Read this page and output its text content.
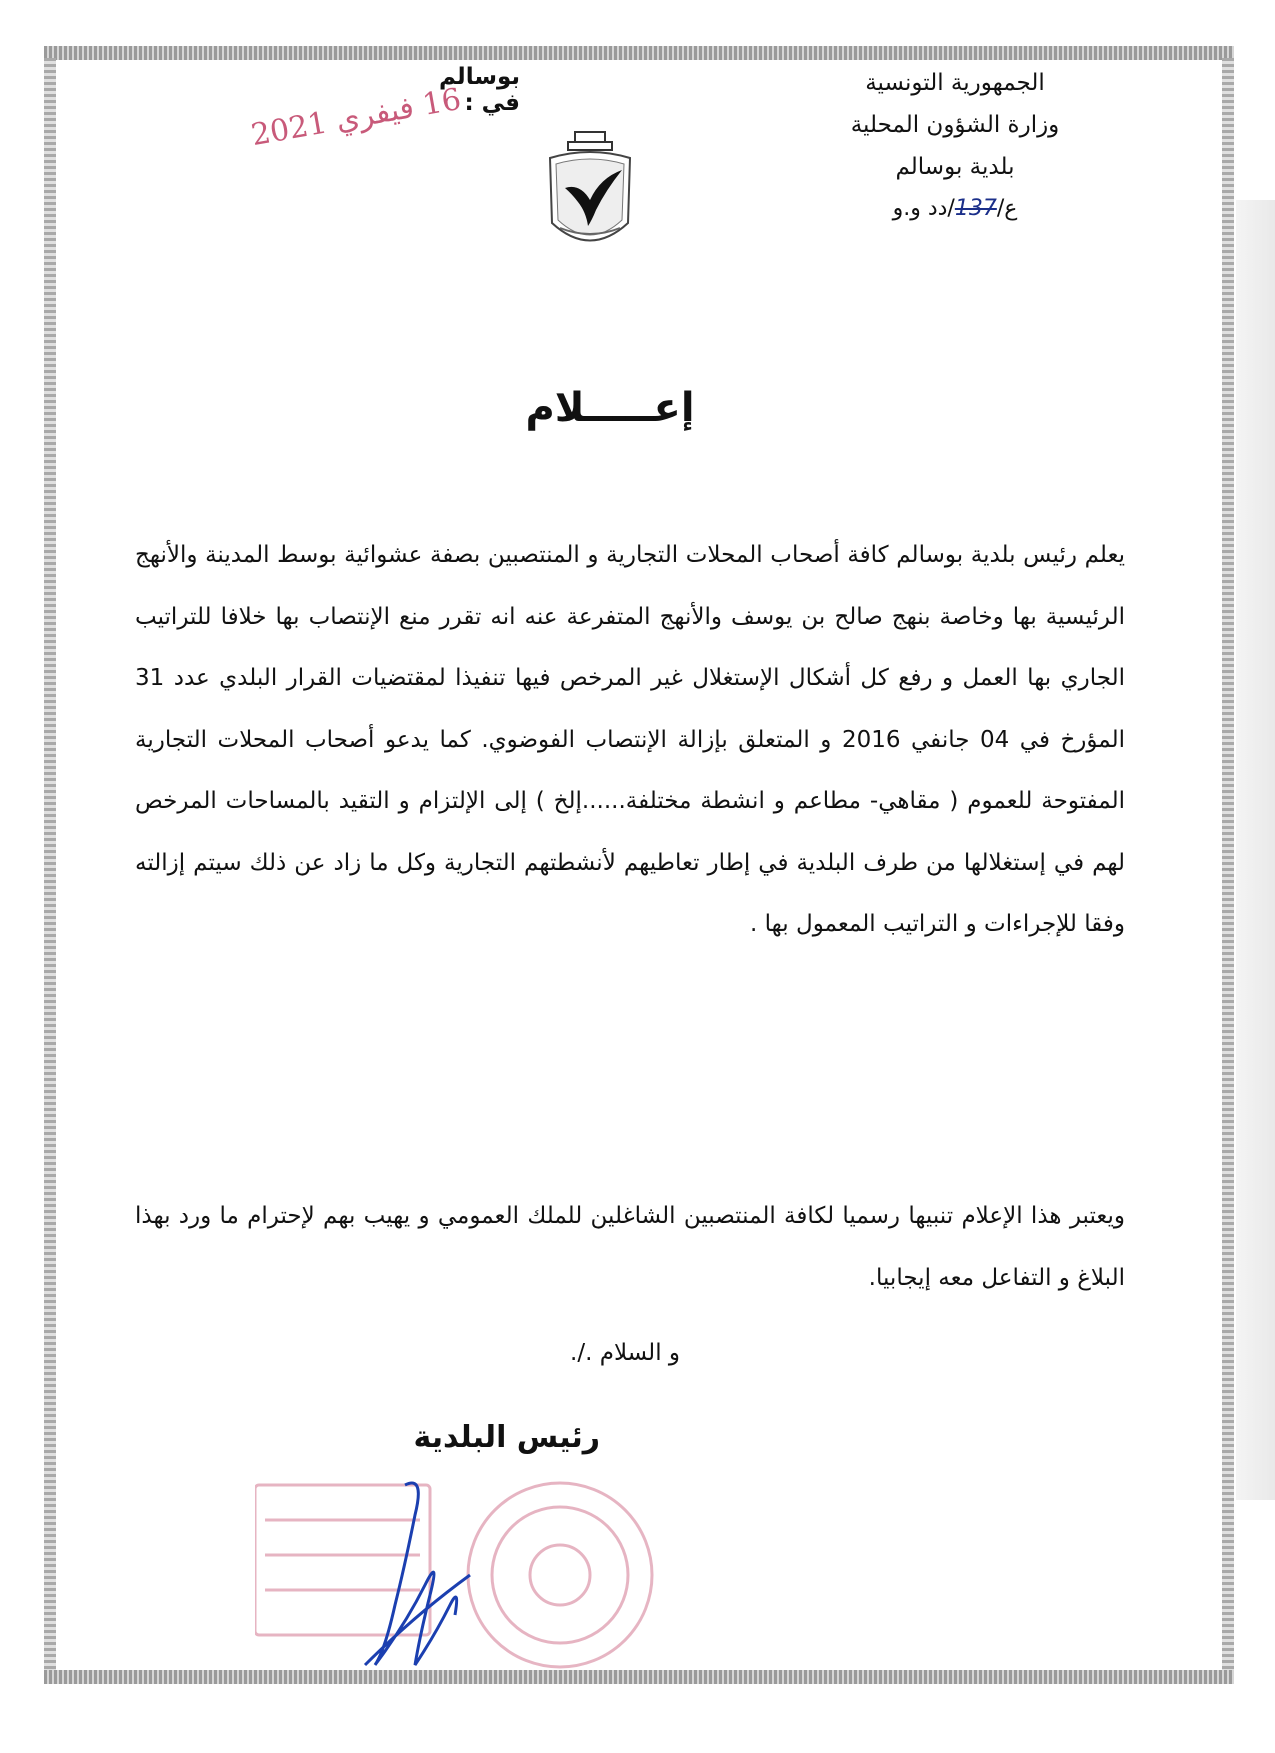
الجمهورية التونسية
وزارة الشؤون المحلية
بلدية بوسالم
ع/137/دد و.و
بوسالم في :
16 فيفري 2021
إعـــــلام
يعلم رئيس بلدية بوسالم كافة أصحاب المحلات التجارية و المنتصبين بصفة عشوائية بوسط المدينة والأنهج الرئيسية بها وخاصة بنهج صالح بن يوسف والأنهج المتفرعة عنه انه تقرر منع الإنتصاب بها خلافا للتراتيب الجاري بها العمل و رفع كل أشكال الإستغلال غير المرخص فيها تنفيذا لمقتضيات القرار البلدي عدد 31 المؤرخ في 04 جانفي 2016 و المتعلق بإزالة الإنتصاب الفوضوي. كما يدعو أصحاب المحلات التجارية المفتوحة للعموم ( مقاهي- مطاعم و انشطة مختلفة......إلخ ) إلى الإلتزام و التقيد بالمساحات المرخص لهم في إستغلالها من طرف البلدية في إطار تعاطيهم لأنشطتهم التجارية وكل ما زاد عن ذلك سيتم إزالته وفقا للإجراءات و التراتيب المعمول بها .
ويعتبر هذا الإعلام تنبيها رسميا لكافة المنتصبين الشاغلين للملك العمومي و يهيب بهم لإحترام ما ورد بهذا البلاغ و التفاعل معه إيجابيا.
و السلام ./.
رئيس البلدية
